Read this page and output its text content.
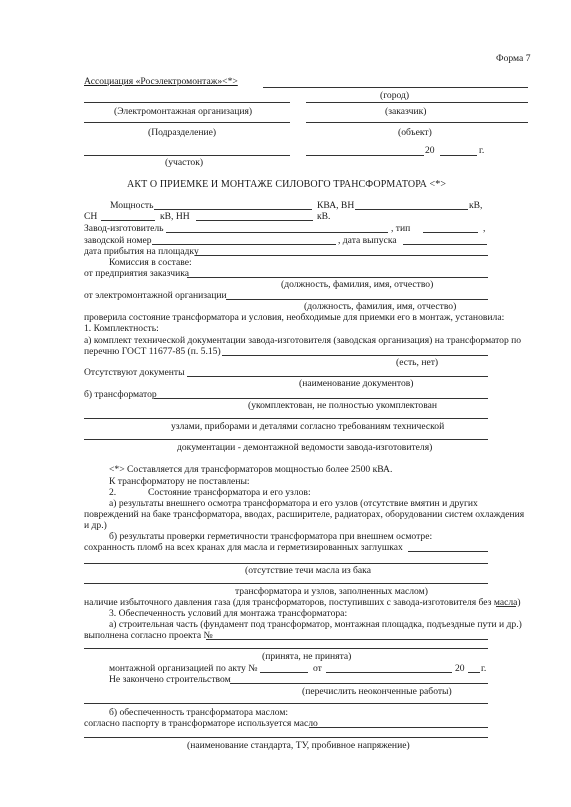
Форма 7
Ассоциация «Росэлектромонтаж»<*>
(город)
(Электромонтажная организация)	(заказчик)
(Подразделение)	(объект)
20	г.
(участок)
АКТ О ПРИЕМКЕ И МОНТАЖЕ СИЛОВОГО ТРАНСФОРМАТОРА <*>
Мощность	КВА, ВН	кВ,
СН	кВ, НН	кВ.
Завод-изготовитель	, тип	,
заводской номер	, дата выпуска
дата прибытия на площадку
Комиссия в составе:
от предприятия заказчика
(должность, фамилия, имя, отчество)
от электромонтажной организации
(должность, фамилия, имя, отчество)
проверила состояние трансформатора и условия, необходимые для приемки его в монтаж, установила:
1. Комплектность:
а) комплект технической документации завода-изготовителя (заводская организация) на трансформатор по
перечню ГОСТ 11677-85 (п. 5.15)
(есть, нет)
Отсутствуют документы
(наименование документов)
б) трансформатор
(укомплектован, не полностью укомплектован
узлами, приборами и деталями согласно требованиям технической
документации - демонтажной ведомости завода-изготовителя)
<*> Составляется для трансформаторов мощностью более 2500 кВА.
К трансформатору не поставлены:
2.	Состояние трансформатора и его узлов:
а) результаты внешнего осмотра трансформатора и его узлов (отсутствие вмятин и других
повреждений на баке трансформатора, вводах, расширителе, радиаторах, оборудовании систем охлаждения
и др.)
б) результаты проверки герметичности трансформатора при внешнем осмотре:
сохранность пломб на всех кранах для масла и герметизированных заглушках
(отсутствие течи масла из бака
трансформатора и узлов, заполненных маслом)
наличие избыточного давления газа (для трансформаторов, поступивших с завода-изготовителя без масла)
3. Обеспеченность условий для монтажа трансформатора:
а) строительная часть (фундамент под трансформатор, монтажная площадка, подъездные пути и др.)
выполнена согласно проекта №
(принята, не принята)
монтажной организацией по акту №	от	20 г.
Не закончено строительством
(перечислить неоконченные работы)
б) обеспеченность трансформатора маслом:
согласно паспорту в трансформаторе используется масло
(наименование стандарта, ТУ, пробивное напряжение)
